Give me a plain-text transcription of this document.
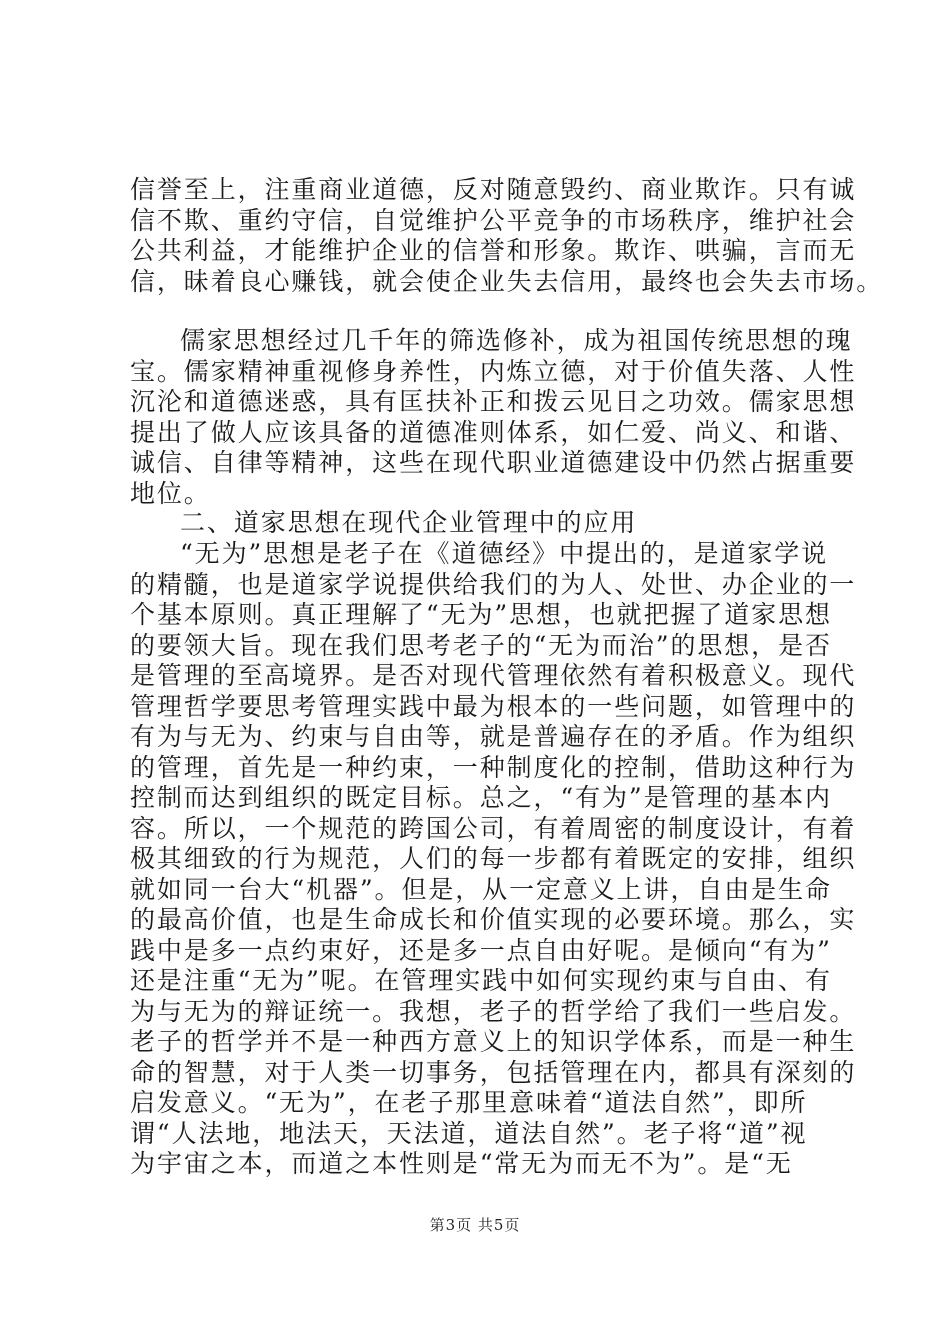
信誉至上，注重商业道德，反对随意毁约、商业欺诈。只有诚
信不欺、重约守信，自觉维护公平竞争的市场秩序，维护社会
公共利益，才能维护企业的信誉和形象。欺诈、哄骗，言而无
信，昧着良心赚钱，就会使企业失去信用，最终也会失去市场。
儒家思想经过几千年的筛选修补，成为祖国传统思想的瑰
宝。儒家精神重视修身养性，内炼立德，对于价值失落、人性
沉沦和道德迷惑，具有匡扶补正和拨云见日之功效。儒家思想
提出了做人应该具备的道德准则体系，如仁爱、尚义、和谐、
诚信、自律等精神，这些在现代职业道德建设中仍然占据重要
地位。
二、道家思想在现代企业管理中的应用
“无为”思想是老子在《道德经》中提出的，是道家学说
的精髓，也是道家学说提供给我们的为人、处世、办企业的一
个基本原则。真正理解了“无为”思想，也就把握了道家思想
的要领大旨。现在我们思考老子的“无为而治”的思想，是否
是管理的至高境界。是否对现代管理依然有着积极意义。现代
管理哲学要思考管理实践中最为根本的一些问题，如管理中的
有为与无为、约束与自由等，就是普遍存在的矛盾。作为组织
的管理，首先是一种约束，一种制度化的控制，借助这种行为
控制而达到组织的既定目标。总之，“有为”是管理的基本内
容。所以，一个规范的跨国公司，有着周密的制度设计，有着
极其细致的行为规范，人们的每一步都有着既定的安排，组织
就如同一台大“机器”。但是，从一定意义上讲，自由是生命
的最高价值，也是生命成长和价值实现的必要环境。那么，实
践中是多一点约束好，还是多一点自由好呢。是倾向“有为”
还是注重“无为”呢。在管理实践中如何实现约束与自由、有
为与无为的辩证统一。我想，老子的哲学给了我们一些启发。
老子的哲学并不是一种西方意义上的知识学体系，而是一种生
命的智慧，对于人类一切事务，包括管理在内，都具有深刻的
启发意义。“无为”，在老子那里意味着“道法自然”，即所
谓“人法地，地法天，天法道，道法自然”。老子将“道”视
为宇宙之本，而道之本性则是“常无为而无不为”。是“无
第3页 共5页
